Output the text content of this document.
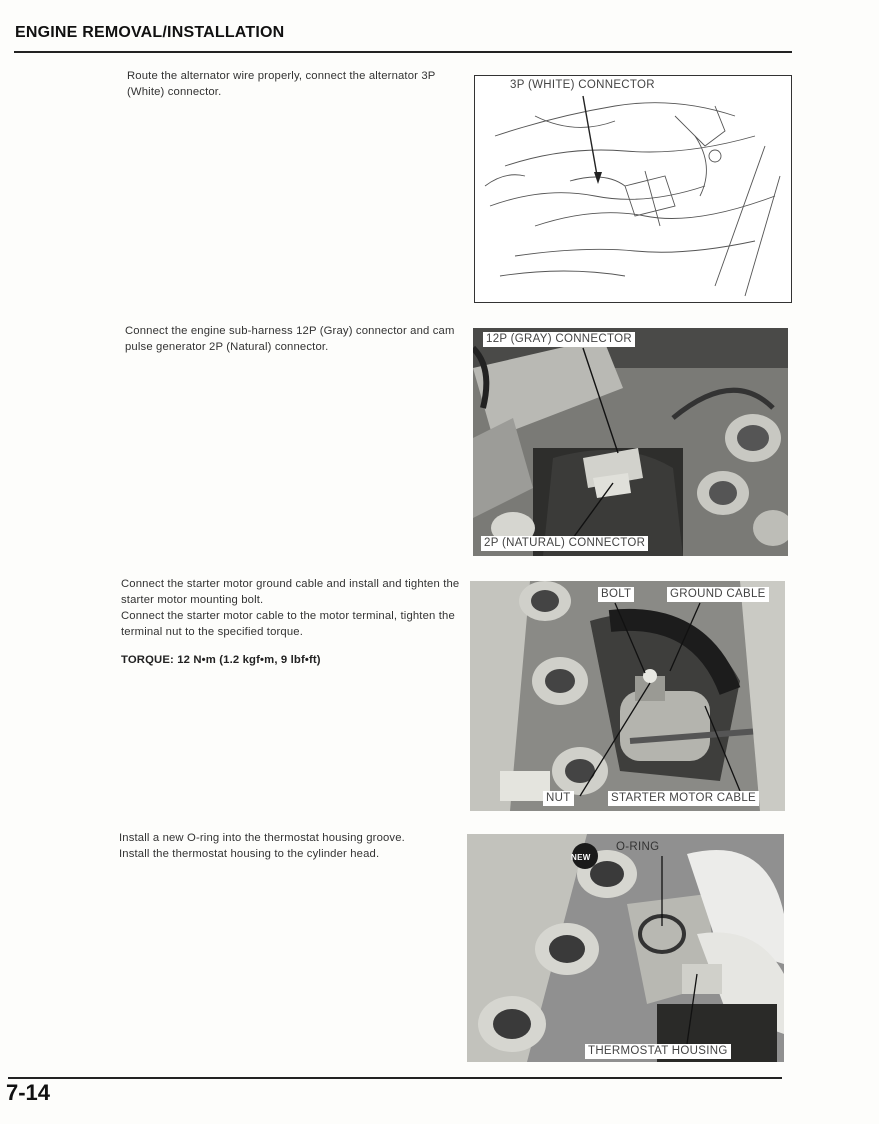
ENGINE REMOVAL/INSTALLATION

Route the alternator wire properly, connect the alternator 3P (White) connector.

3P (WHITE) CONNECTOR

Connect the engine sub-harness 12P (Gray) connector and cam pulse generator 2P (Natural) connector.

12P (GRAY) CONNECTOR
2P (NATURAL) CONNECTOR

Connect the starter motor ground cable and install and tighten the starter motor mounting bolt.

Connect the starter motor cable to the motor terminal, tighten the terminal nut to the specified torque.

TORQUE: 12 N•m (1.2 kgf•m, 9 lbf•ft)

BOLT	GROUND CABLE
NUT	STARTER MOTOR CABLE

Install a new O-ring into the thermostat housing groove.

Install the thermostat housing to the cylinder head.	NEW
O-RING
THERMOSTAT HOUSING
7-14
